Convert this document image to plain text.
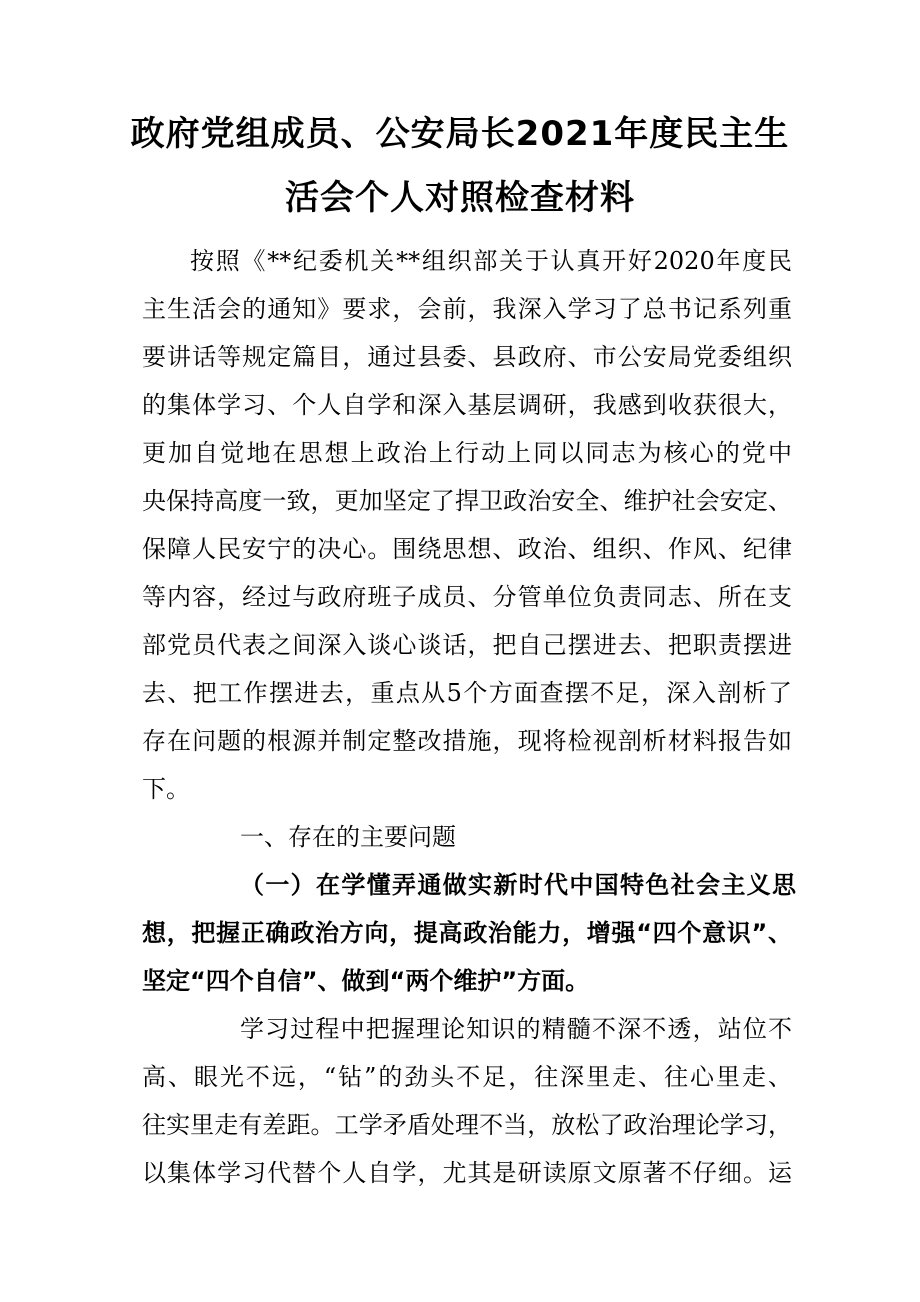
政府党组成员、公安局长2021年度民主生
活会个人对照检查材料
按照《**纪委机关**组织部关于认真开好2020年度民
主生活会的通知》要求，会前，我深入学习了总书记系列重
要讲话等规定篇目，通过县委、县政府、市公安局党委组织
的集体学习、个人自学和深入基层调研，我感到收获很大，
更加自觉地在思想上政治上行动上同以同志为核心的党中
央保持高度一致，更加坚定了捍卫政治安全、维护社会安定、
保障人民安宁的决心。围绕思想、政治、组织、作风、纪律
等内容，经过与政府班子成员、分管单位负责同志、所在支
部党员代表之间深入谈心谈话，把自己摆进去、把职责摆进
去、把工作摆进去，重点从5个方面查摆不足，深入剖析了
存在问题的根源并制定整改措施，现将检视剖析材料报告如
下。
一、存在的主要问题
（一）在学懂弄通做实新时代中国特色社会主义思
想，把握正确政治方向，提高政治能力，增强“四个意识”、
坚定“四个自信”、做到“两个维护”方面。
学习过程中把握理论知识的精髓不深不透，站位不
高、眼光不远，“钻”的劲头不足，往深里走、往心里走、
往实里走有差距。工学矛盾处理不当，放松了政治理论学习，
以集体学习代替个人自学，尤其是研读原文原著不仔细。运
